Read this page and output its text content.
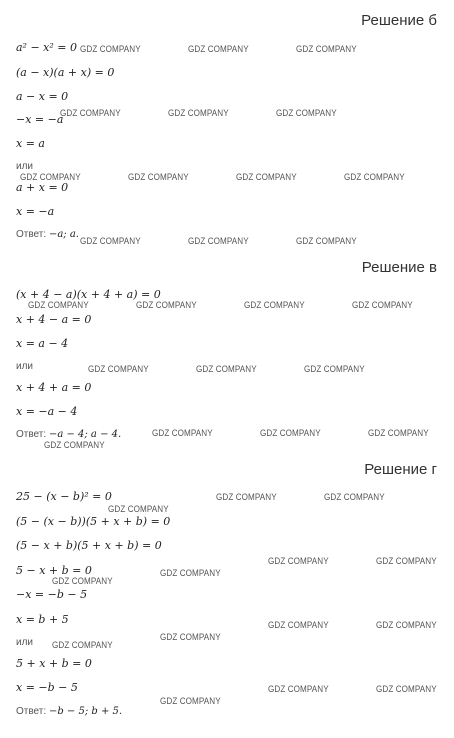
Решение б
a² − x² = 0
(a − x)(a + x) = 0
a − x = 0
−x = −a
x = a
или
a + x = 0
x = −a
Ответ: −a; a.
Решение в
(x + 4 − a)(x + 4 + a) = 0
x + 4 − a = 0
x = a − 4
или
x + 4 + a = 0
x = −a − 4
Ответ: −a − 4; a − 4.
Решение г
25 − (x − b)² = 0
(5 − (x − b))(5 + x + b) = 0
(5 − x + b)(5 + x + b) = 0
5 − x + b = 0
−x = −b − 5
x = b + 5
или
5 + x + b = 0
x = −b − 5
Ответ: −b − 5; b + 5.
GDZ COMPANY	GDZ COMPANY	GDZ COMPANY
GDZ COMPANY	GDZ COMPANY	GDZ COMPANY
GDZ COMPANY	GDZ COMPANY	GDZ COMPANY	GDZ COMPANY
GDZ COMPANY	GDZ COMPANY	GDZ COMPANY
GDZ COMPANY	GDZ COMPANY	GDZ COMPANY	GDZ COMPANY
GDZ COMPANY	GDZ COMPANY	GDZ COMPANY
GDZ COMPANY	GDZ COMPANY	GDZ COMPANY
GDZ COMPANY
GDZ COMPANY	GDZ COMPANY
GDZ COMPANY
GDZ COMPANY	GDZ COMPANY
GDZ COMPANY
GDZ COMPANY
GDZ COMPANY	GDZ COMPANY
GDZ COMPANY
GDZ COMPANY
GDZ COMPANY	GDZ COMPANY
GDZ COMPANY
